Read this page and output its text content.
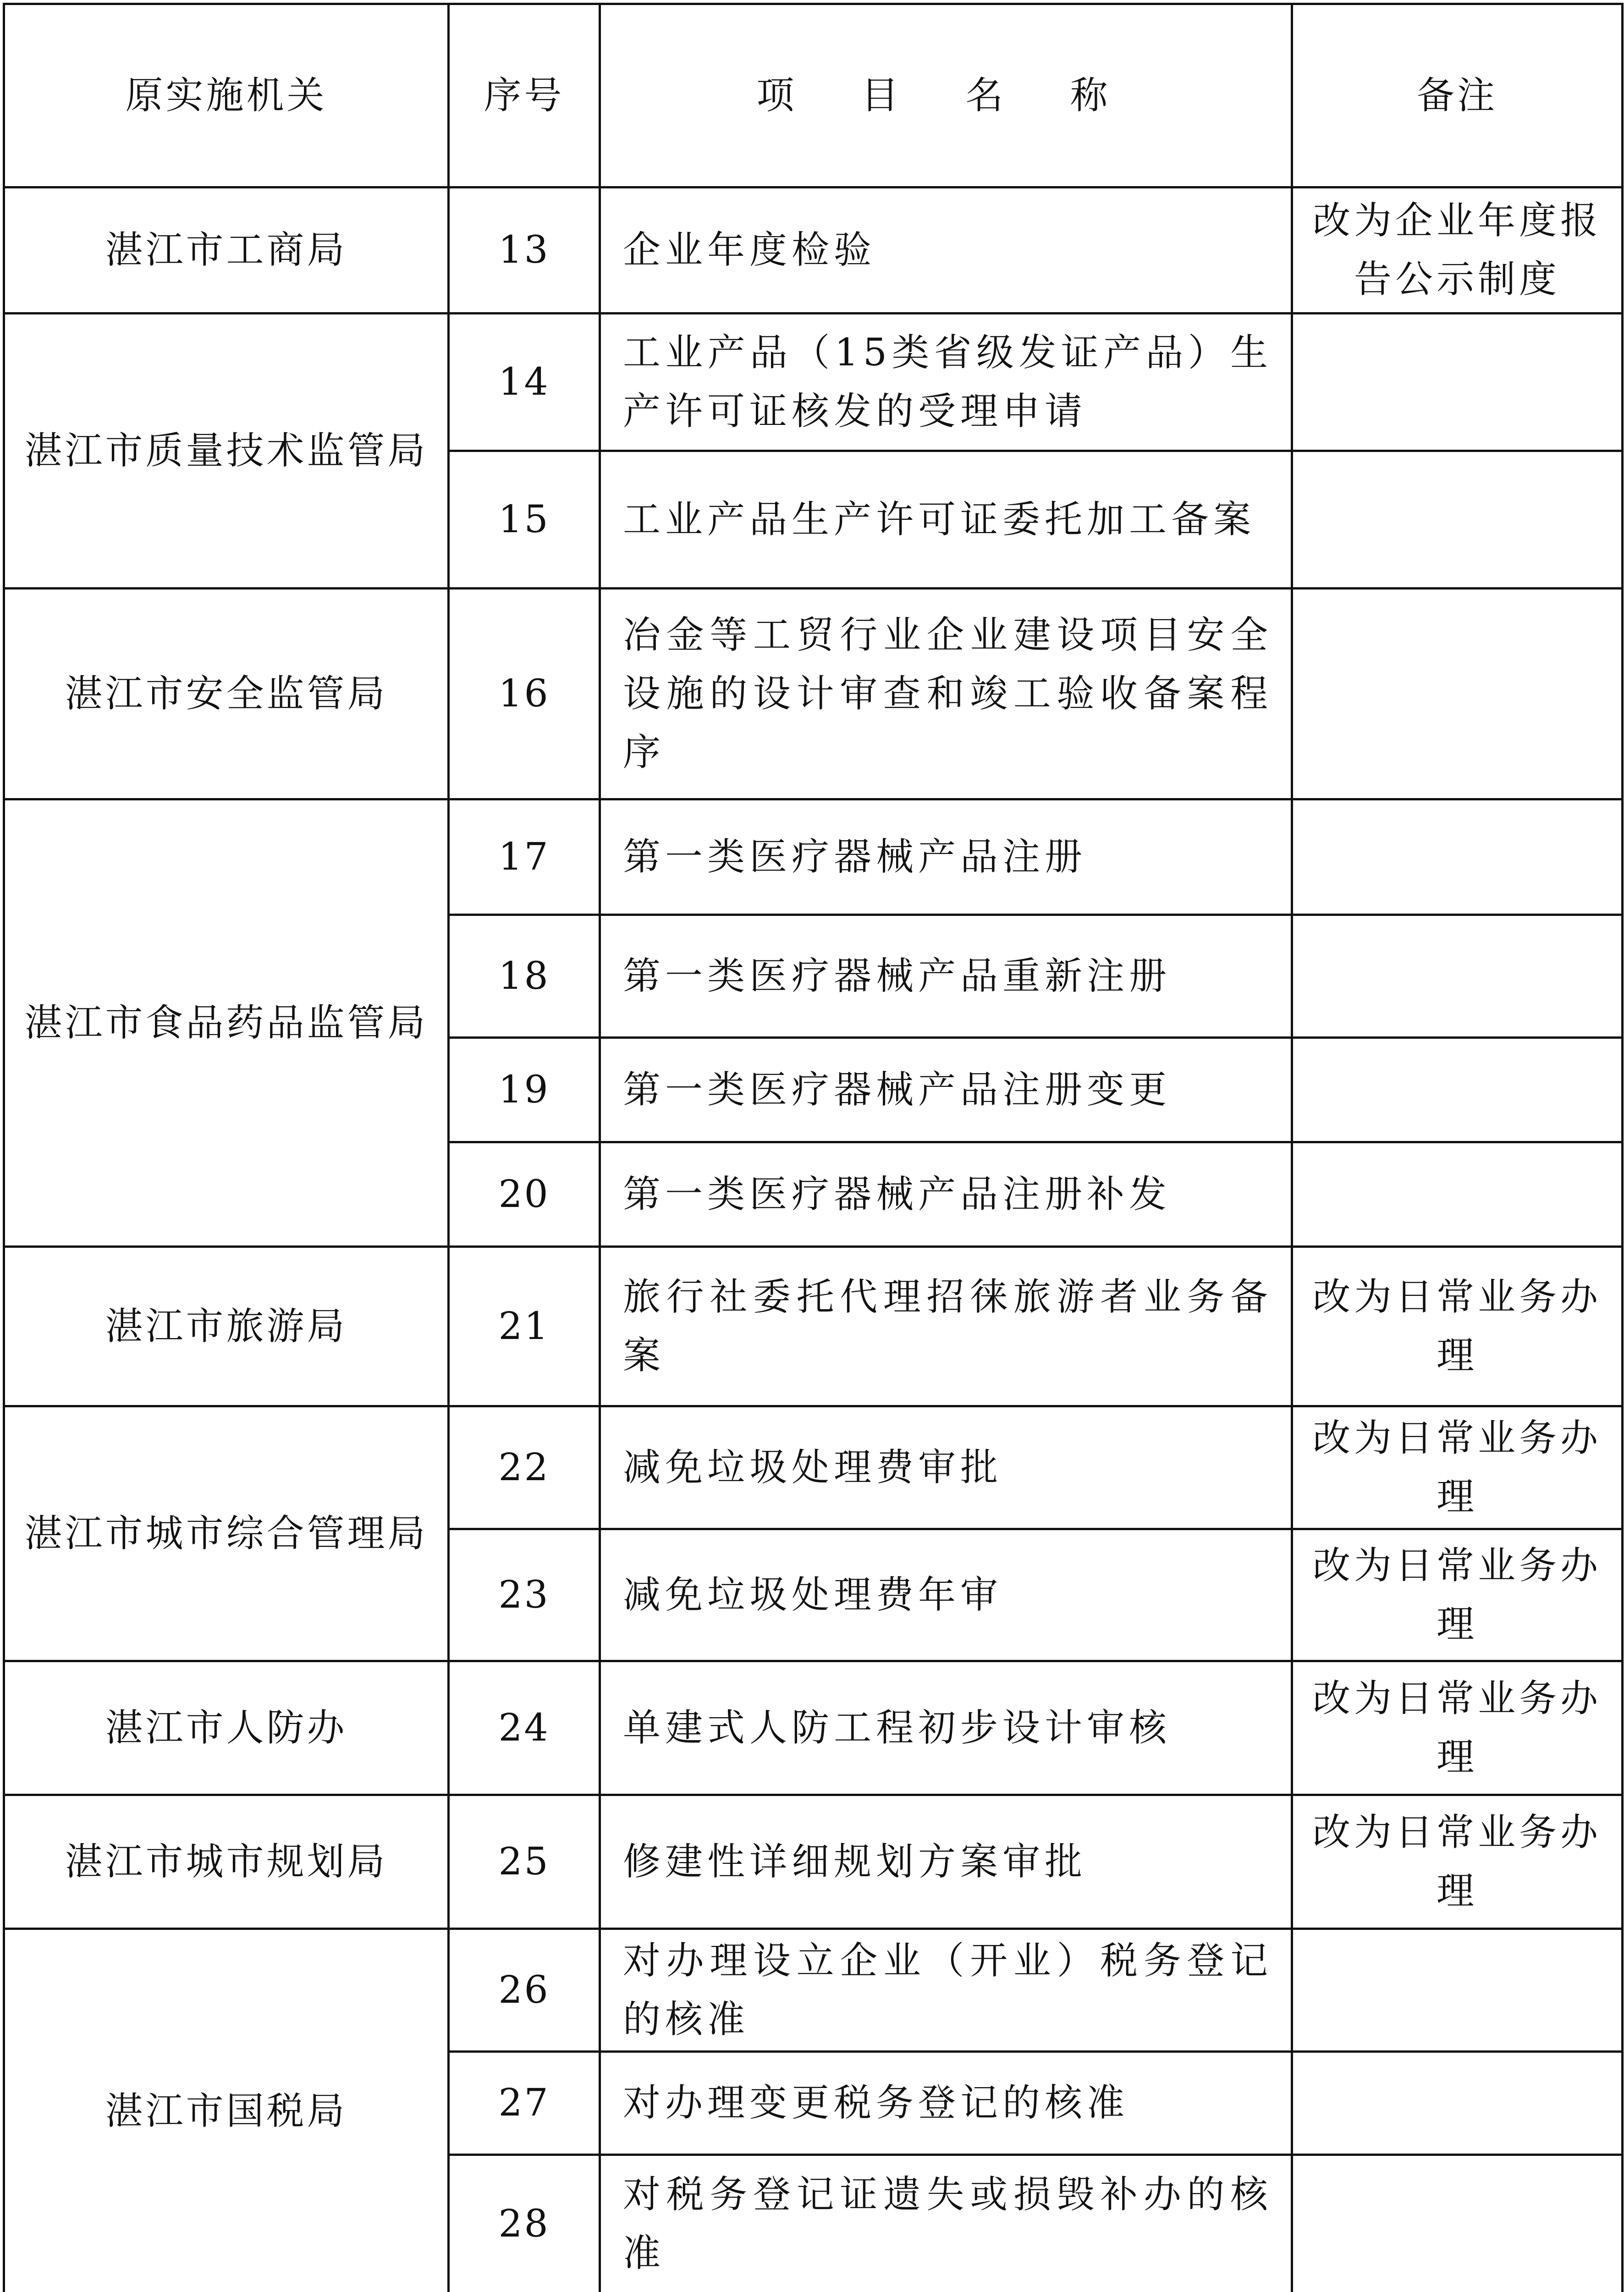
原实施机关	序号	项 目 名 称	备注
湛江市工商局	13	企业年度检验	改为企业年度报告公示制度
湛江市质量技术监管局	14	工业产品（15类省级发证产品）生产许可证核发的受理申请	
	15	工业产品生产许可证委托加工备案	
湛江市安全监管局	16	冶金等工贸行业企业建设项目安全设施的设计审查和竣工验收备案程序	
湛江市食品药品监管局	17	第一类医疗器械产品注册	
	18	第一类医疗器械产品重新注册	
	19	第一类医疗器械产品注册变更	
	20	第一类医疗器械产品注册补发	
湛江市旅游局	21	旅行社委托代理招徕旅游者业务备案	改为日常业务办理
湛江市城市综合管理局	22	减免垃圾处理费审批	改为日常业务办理
	23	减免垃圾处理费年审	改为日常业务办理
湛江市人防办	24	单建式人防工程初步设计审核	改为日常业务办理
湛江市城市规划局	25	修建性详细规划方案审批	改为日常业务办理
湛江市国税局	26	对办理设立企业（开业）税务登记的核准	
	27	对办理变更税务登记的核准	
	28	对税务登记证遗失或损毁补办的核准	
